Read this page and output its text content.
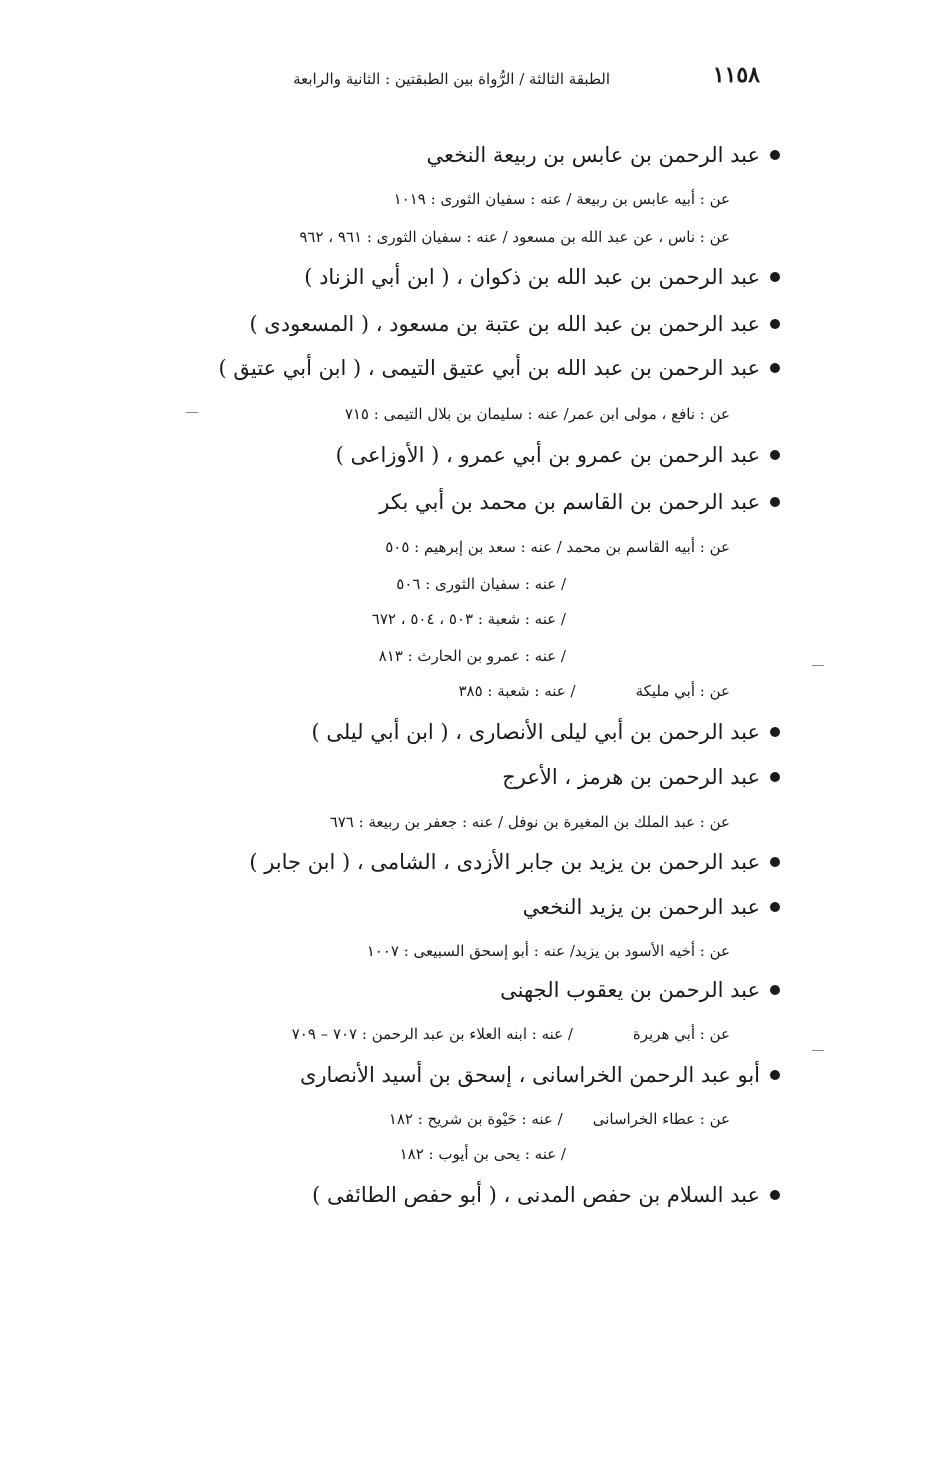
١١٥٨
الطبقة الثالثة / الرُّواة بين الطبقتين : الثانية والرابعة
عبد الرحمن بن عابس بن ربيعة النخعي
عن : أبيه عابس بن ربيعة / عنه : سفيان الثورى : ١٠١٩
عن : ناس ، عن عبد الله بن مسعود / عنه : سفيان الثورى : ٩٦١ ، ٩٦٢
عبد الرحمن بن عبد الله بن ذكوان ، ( ابن أبي الزناد )
عبد الرحمن بن عبد الله بن عتبة بن مسعود ، ( المسعودى )
عبد الرحمن بن عبد الله بن أبي عتيق التيمى ، ( ابن أبي عتيق )
عن : نافع ، مولى ابن عمر/ عنه : سليمان بن بلال التيمى : ٧١٥
عبد الرحمن بن عمرو بن أبي عمرو ، ( الأوزاعى )
عبد الرحمن بن القاسم بن محمد بن أبي بكر
عن : أبيه القاسم بن محمد / عنه : سعد بن إبرهيم : ٥٠٥
/ عنه : سفيان الثورى : ٥٠٦
/ عنه : شعبة : ٥٠٣ ، ٥٠٤ ، ٦٧٢
/ عنه : عمرو بن الحارث : ٨١٣
عن : أبي مليكة/ عنه : شعبة : ٣٨٥
عبد الرحمن بن أبي ليلى الأنصارى ، ( ابن أبي ليلى )
عبد الرحمن بن هرمز ، الأعرج
عن : عبد الملك بن المغيرة بن نوفل / عنه : جعفر بن ربيعة : ٦٧٦
عبد الرحمن بن يزيد بن جابر الأزدى ، الشامى ، ( ابن جابر )
عبد الرحمن بن يزيد النخعي
عن : أخيه الأسود بن يزيد/ عنه : أبو إسحق السبيعى : ١٠٠٧
عبد الرحمن بن يعقوب الجهنى
عن : أبي هريرة/ عنه : ابنه العلاء بن عبد الرحمن : ٧٠٧ – ٧٠٩
أبو عبد الرحمن الخراسانى ، إسحق بن أسيد الأنصارى
عن : عطاء الخراسانى/ عنه : حَيْوة بن شريح : ١٨٢
/ عنه : يحى بن أيوب : ١٨٢
عبد السلام بن حفص المدنى ، ( أبو حفص الطائفى )
